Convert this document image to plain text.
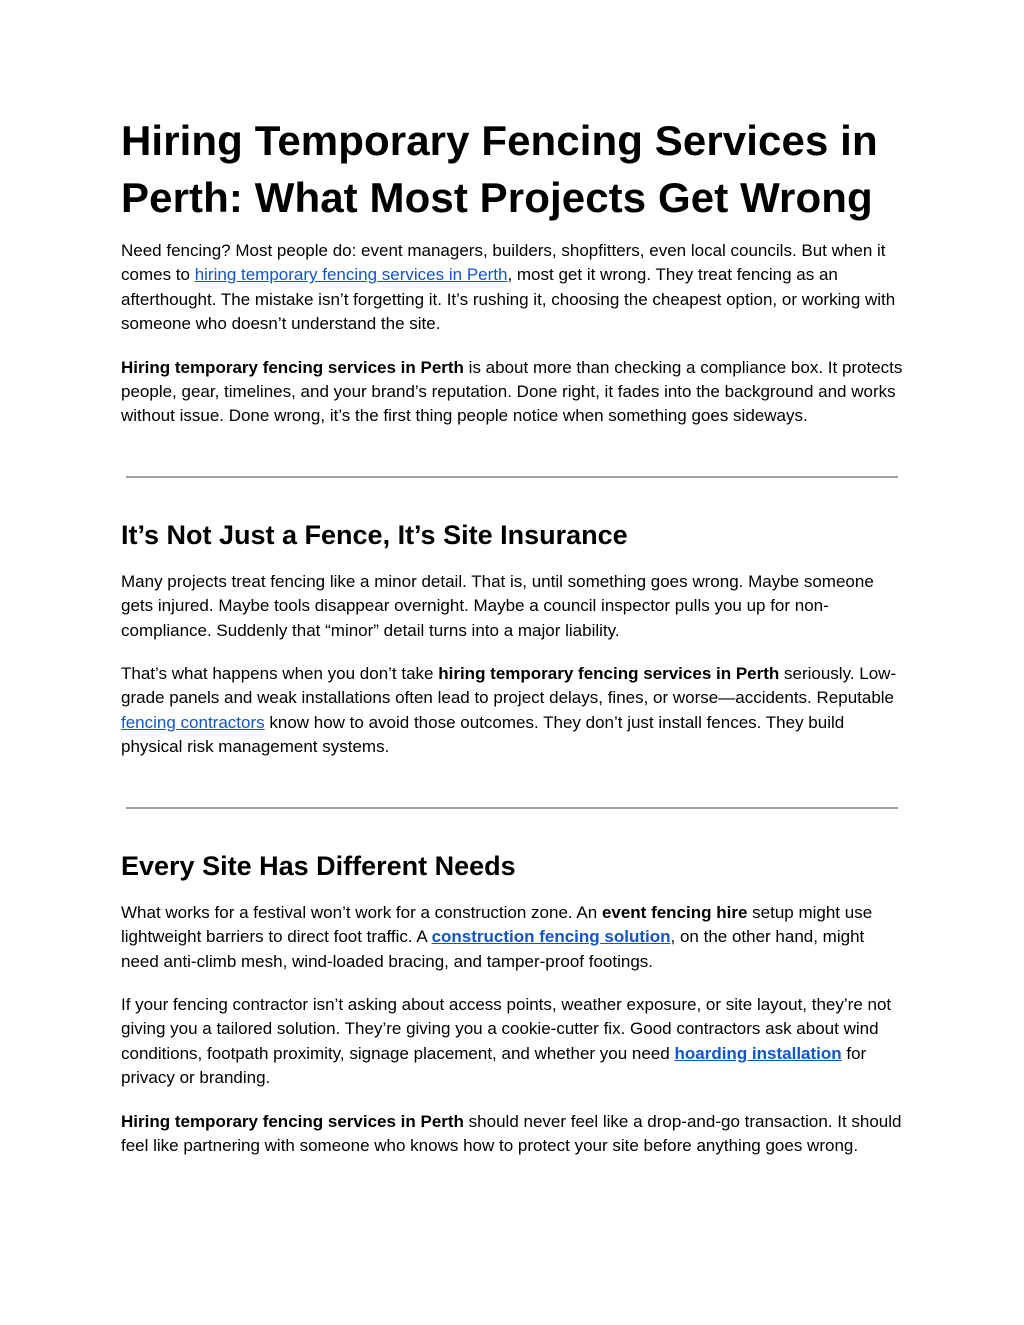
Hiring Temporary Fencing Services in Perth: What Most Projects Get Wrong

Need fencing? Most people do: event managers, builders, shopfitters, even local councils. But when it comes to hiring temporary fencing services in Perth, most get it wrong. They treat fencing as an afterthought. The mistake isn’t forgetting it. It’s rushing it, choosing the cheapest option, or working with someone who doesn’t understand the site.

Hiring temporary fencing services in Perth is about more than checking a compliance box. It protects people, gear, timelines, and your brand’s reputation. Done right, it fades into the background and works without issue. Done wrong, it’s the first thing people notice when something goes sideways.

It’s Not Just a Fence, It’s Site Insurance

Many projects treat fencing like a minor detail. That is, until something goes wrong. Maybe someone gets injured. Maybe tools disappear overnight. Maybe a council inspector pulls you up for non-compliance. Suddenly that “minor” detail turns into a major liability.

That’s what happens when you don’t take hiring temporary fencing services in Perth seriously. Low-grade panels and weak installations often lead to project delays, fines, or worse—accidents. Reputable fencing contractors know how to avoid those outcomes. They don’t just install fences. They build physical risk management systems.

Every Site Has Different Needs

What works for a festival won’t work for a construction zone. An event fencing hire setup might use lightweight barriers to direct foot traffic. A construction fencing solution, on the other hand, might need anti-climb mesh, wind-loaded bracing, and tamper-proof footings.

If your fencing contractor isn’t asking about access points, weather exposure, or site layout, they’re not giving you a tailored solution. They’re giving you a cookie-cutter fix. Good contractors ask about wind conditions, footpath proximity, signage placement, and whether you need hoarding installation for privacy or branding.

Hiring temporary fencing services in Perth should never feel like a drop-and-go transaction. It should feel like partnering with someone who knows how to protect your site before anything goes wrong.
